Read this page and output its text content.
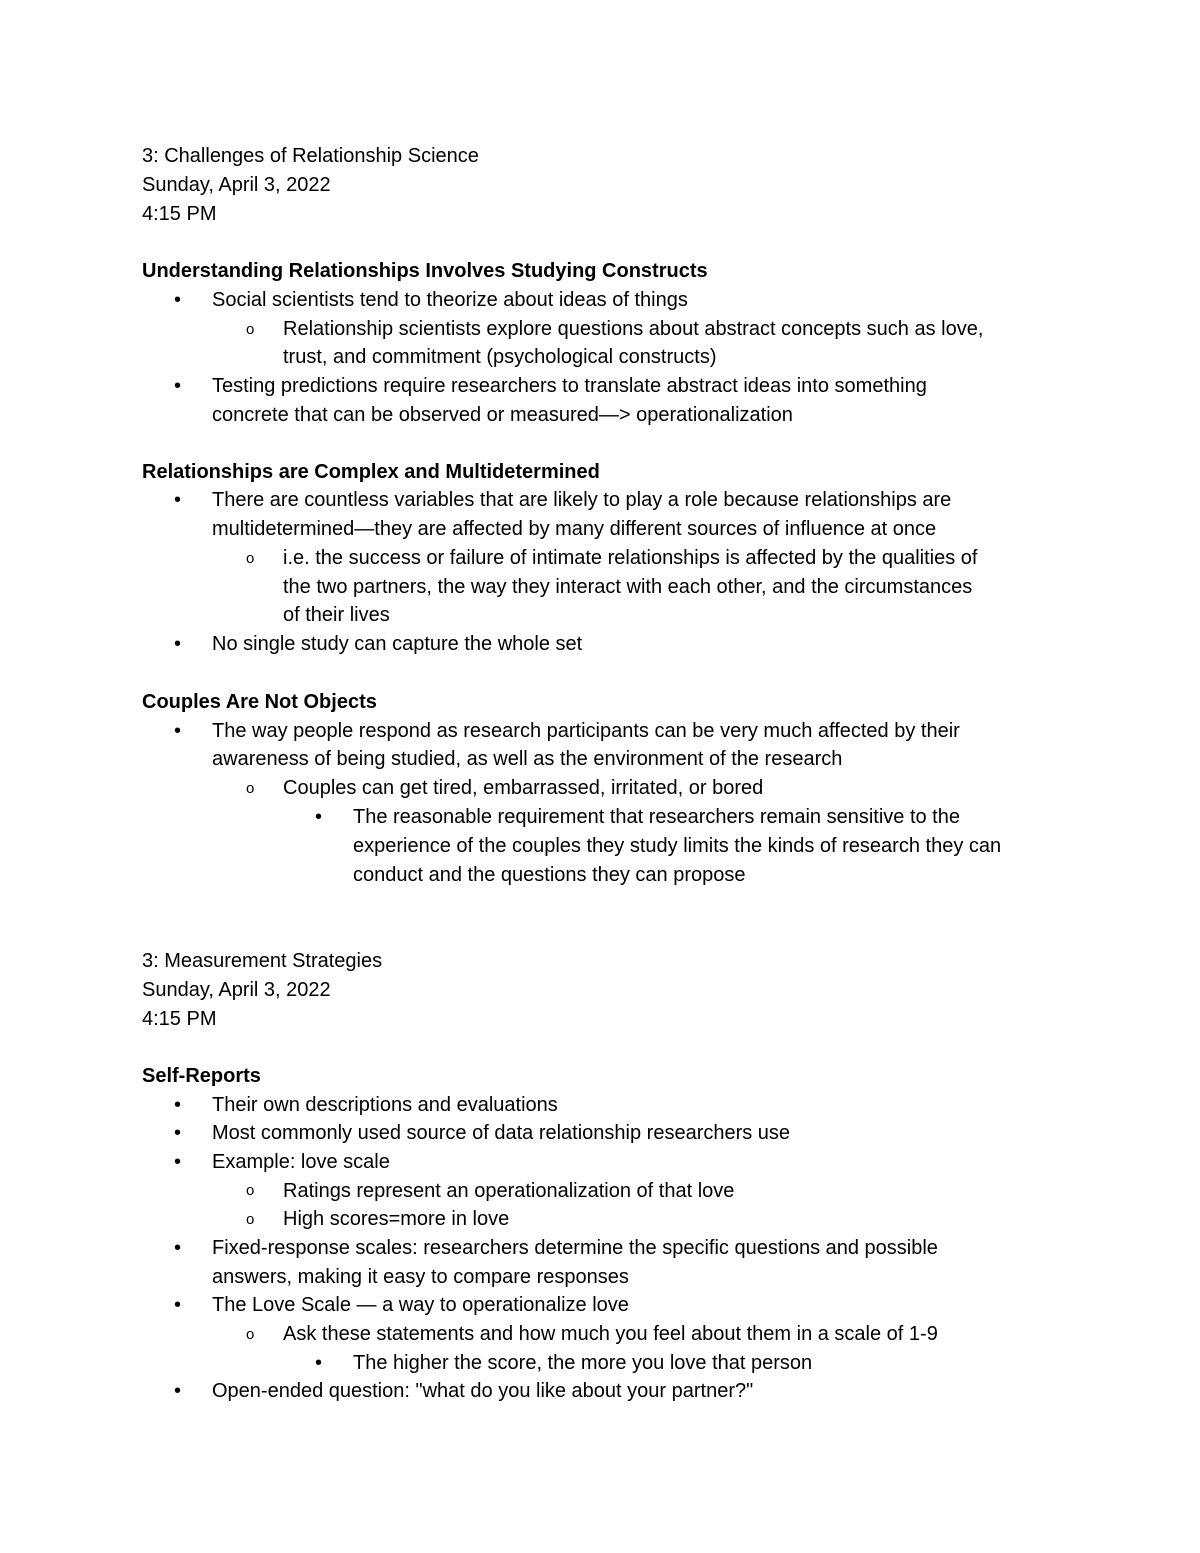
3: Challenges of Relationship Science
Sunday, April 3, 2022
4:15 PM
Understanding Relationships Involves Studying Constructs
• Social scientists tend to theorize about ideas of things
o Relationship scientists explore questions about abstract concepts such as love,
trust, and commitment (psychological constructs)
• Testing predictions require researchers to translate abstract ideas into something
concrete that can be observed or measured—> operationalization
Relationships are Complex and Multidetermined
• There are countless variables that are likely to play a role because relationships are
multidetermined—they are affected by many different sources of influence at once
o i.e. the success or failure of intimate relationships is affected by the qualities of
the two partners, the way they interact with each other, and the circumstances
of their lives
• No single study can capture the whole set
Couples Are Not Objects
• The way people respond as research participants can be very much affected by their
awareness of being studied, as well as the environment of the research
o Couples can get tired, embarrassed, irritated, or bored
• The reasonable requirement that researchers remain sensitive to the
experience of the couples they study limits the kinds of research they can
conduct and the questions they can propose
3: Measurement Strategies
Sunday, April 3, 2022
4:15 PM
Self-Reports
• Their own descriptions and evaluations
• Most commonly used source of data relationship researchers use
• Example: love scale
o Ratings represent an operationalization of that love
o High scores=more in love
• Fixed-response scales: researchers determine the specific questions and possible
answers, making it easy to compare responses
• The Love Scale — a way to operationalize love
o Ask these statements and how much you feel about them in a scale of 1-9
• The higher the score, the more you love that person
• Open-ended question: "what do you like about your partner?"
